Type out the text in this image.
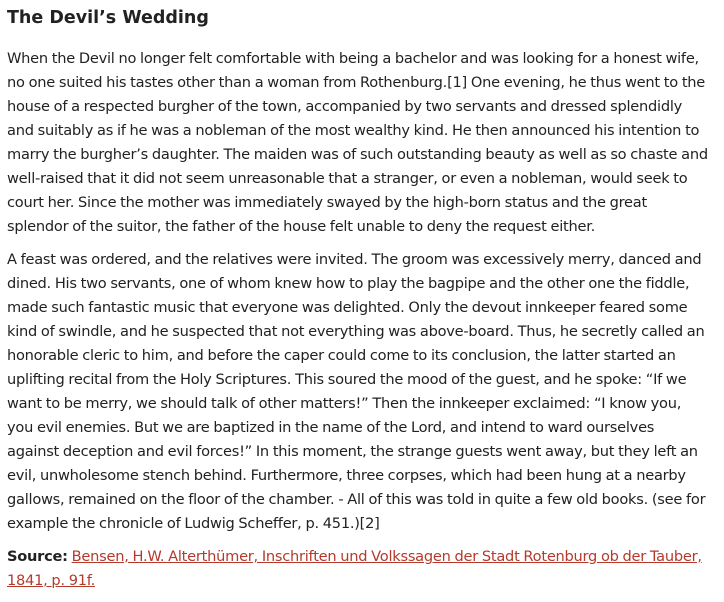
The Devil’s Wedding

When the Devil no longer felt comfortable with being a bachelor and was looking for a honest wife, no one suited his tastes other than a woman from Rothenburg.[1] One evening, he thus went to the house of a respected burgher of the town, accompanied by two servants and dressed splendidly and suitably as if he was a nobleman of the most wealthy kind. He then announced his intention to marry the burgher’s daughter. The maiden was of such outstanding beauty as well as so chaste and well-raised that it did not seem unreasonable that a stranger, or even a nobleman, would seek to court her. Since the mother was immediately swayed by the high-born status and the great splendor of the suitor, the father of the house felt unable to deny the request either.

A feast was ordered, and the relatives were invited. The groom was excessively merry, danced and dined. His two servants, one of whom knew how to play the bagpipe and the other one the fiddle, made such fantastic music that everyone was delighted. Only the devout innkeeper feared some kind of swindle, and he suspected that not everything was above-board. Thus, he secretly called an honorable cleric to him, and before the caper could come to its conclusion, the latter started an uplifting recital from the Holy Scriptures. This soured the mood of the guest, and he spoke: “If we want to be merry, we should talk of other matters!” Then the innkeeper exclaimed: “I know you, you evil enemies. But we are baptized in the name of the Lord, and intend to ward ourselves against deception and evil forces!” In this moment, the strange guests went away, but they left an evil, unwholesome stench behind. Furthermore, three corpses, which had been hung at a nearby gallows, remained on the floor of the chamber. - All of this was told in quite a few old books. (see for example the chronicle of Ludwig Scheffer, p. 451.)[2]

Source: Bensen, H.W. Alterthümer, Inschriften und Volkssagen der Stadt Rotenburg ob der Tauber, 1841, p. 91f.
